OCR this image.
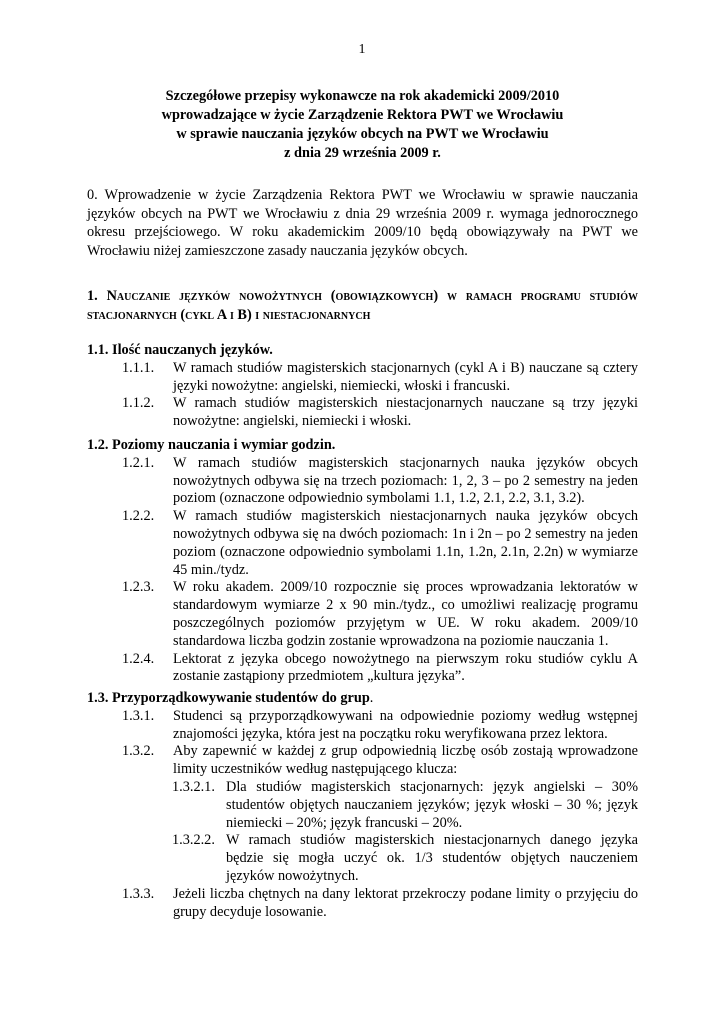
1
Szczegółowe przepisy wykonawcze na rok akademicki 2009/2010
wprowadzające w życie Zarządzenie Rektora PWT we Wrocławiu
w sprawie nauczania języków obcych na PWT we Wrocławiu
z dnia 29 września 2009 r.
0. Wprowadzenie w życie Zarządzenia Rektora PWT we Wrocławiu w sprawie nauczania języków obcych na PWT we Wrocławiu z dnia 29 września 2009 r. wymaga jednorocznego okresu przejściowego. W roku akademickim 2009/10 będą obowiązywały na PWT we Wrocławiu niżej zamieszczone zasady nauczania języków obcych.
1. Nauczanie języków nowożytnych (obowiązkowych) w ramach programu studiów stacjonarnych (cykl A i B) i niestacjonarnych
1.1. Ilość nauczanych języków.
1.1.1. W ramach studiów magisterskich stacjonarnych (cykl A i B) nauczane są cztery języki nowożytne: angielski, niemiecki, włoski i francuski.
1.1.2. W ramach studiów magisterskich niestacjonarnych nauczane są trzy języki nowożytne: angielski, niemiecki i włoski.
1.2. Poziomy nauczania i wymiar godzin.
1.2.1. W ramach studiów magisterskich stacjonarnych nauka języków obcych nowożytnych odbywa się na trzech poziomach: 1, 2, 3 – po 2 semestry na jeden poziom (oznaczone odpowiednio symbolami 1.1, 1.2, 2.1, 2.2, 3.1, 3.2).
1.2.2. W ramach studiów magisterskich niestacjonarnych nauka języków obcych nowożytnych odbywa się na dwóch poziomach: 1n i 2n – po 2 semestry na jeden poziom (oznaczone odpowiednio symbolami 1.1n, 1.2n, 2.1n, 2.2n) w wymiarze 45 min./tydz.
1.2.3. W roku akadem. 2009/10 rozpocznie się proces wprowadzania lektoratów w standardowym wymiarze 2 x 90 min./tydz., co umożliwi realizację programu poszczególnych poziomów przyjętym w UE. W roku akadem. 2009/10 standardowa liczba godzin zostanie wprowadzona na poziomie nauczania 1.
1.2.4. Lektorat z języka obcego nowożytnego na pierwszym roku studiów cyklu A zostanie zastąpiony przedmiotem „kultura języka”.
1.3. Przyporządkowywanie studentów do grup.
1.3.1. Studenci są przyporządkowywani na odpowiednie poziomy według wstępnej znajomości języka, która jest na początku roku weryfikowana przez lektora.
1.3.2. Aby zapewnić w każdej z grup odpowiednią liczbę osób zostają wprowadzone limity uczestników według następującego klucza:
1.3.2.1. Dla studiów magisterskich stacjonarnych: język angielski – 30% studentów objętych nauczaniem języków; język włoski – 30 %; język niemiecki – 20%; język francuski – 20%.
1.3.2.2. W ramach studiów magisterskich niestacjonarnych danego języka będzie się mogła uczyć ok. 1/3 studentów objętych nauczeniem języków nowożytnych.
1.3.3. Jeżeli liczba chętnych na dany lektorat przekroczy podane limity o przyjęciu do grupy decyduje losowanie.
